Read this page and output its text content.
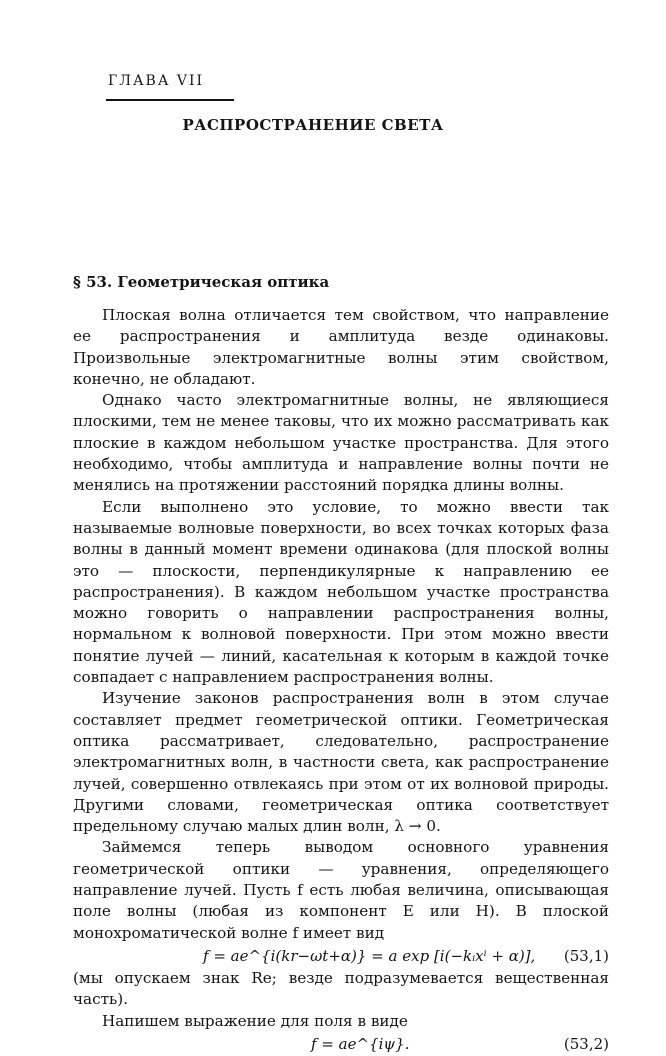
ГЛАВА VII
РАСПРОСТРАНЕНИЕ СВЕТА
§ 53. Геометрическая оптика

Плоская волна отличается тем свойством, что направление ее распространения и амплитуда везде одинаковы. Произвольные электромагнитные волны этим свойством, конечно, не обладают.

Однако часто электромагнитные волны, не являющиеся плоскими, тем не менее таковы, что их можно рассматривать как плоские в каждом небольшом участке пространства. Для этого необходимо, чтобы амплитуда и направление волны почти не менялись на протяжении расстояний порядка длины волны.

Если выполнено это условие, то можно ввести так называемые волновые поверхности, во всех точках которых фаза волны в данный момент времени одинакова (для плоской волны это — плоскости, перпендикулярные к направлению ее распространения). В каждом небольшом участке пространства можно говорить о направлении распространения волны, нормальном к волновой поверхности. При этом можно ввести понятие лучей — линий, касательная к которым в каждой точке совпадает с направлением распространения волны.

Изучение законов распространения волн в этом случае составляет предмет геометрической оптики. Геометрическая оптика рассматривает, следовательно, распространение электромагнитных волн, в частности света, как распространение лучей, совершенно отвлекаясь при этом от их волновой природы. Другими словами, геометрическая оптика соответствует предельному случаю малых длин волн, λ → 0.

Займемся теперь выводом основного уравнения геометрической оптики — уравнения, определяющего направление лучей. Пусть f есть любая величина, описывающая поле волны (любая из компонент E или H). В плоской монохроматической волне f имеет вид

f = ae^{i(kr−ωt+α)} = a exp [i(−kᵢxⁱ + α)], (53,1)

(мы опускаем знак Re; везде подразумевается вещественная часть).

Напишем выражение для поля в виде

f = ae^{iψ}.	(53,2)
